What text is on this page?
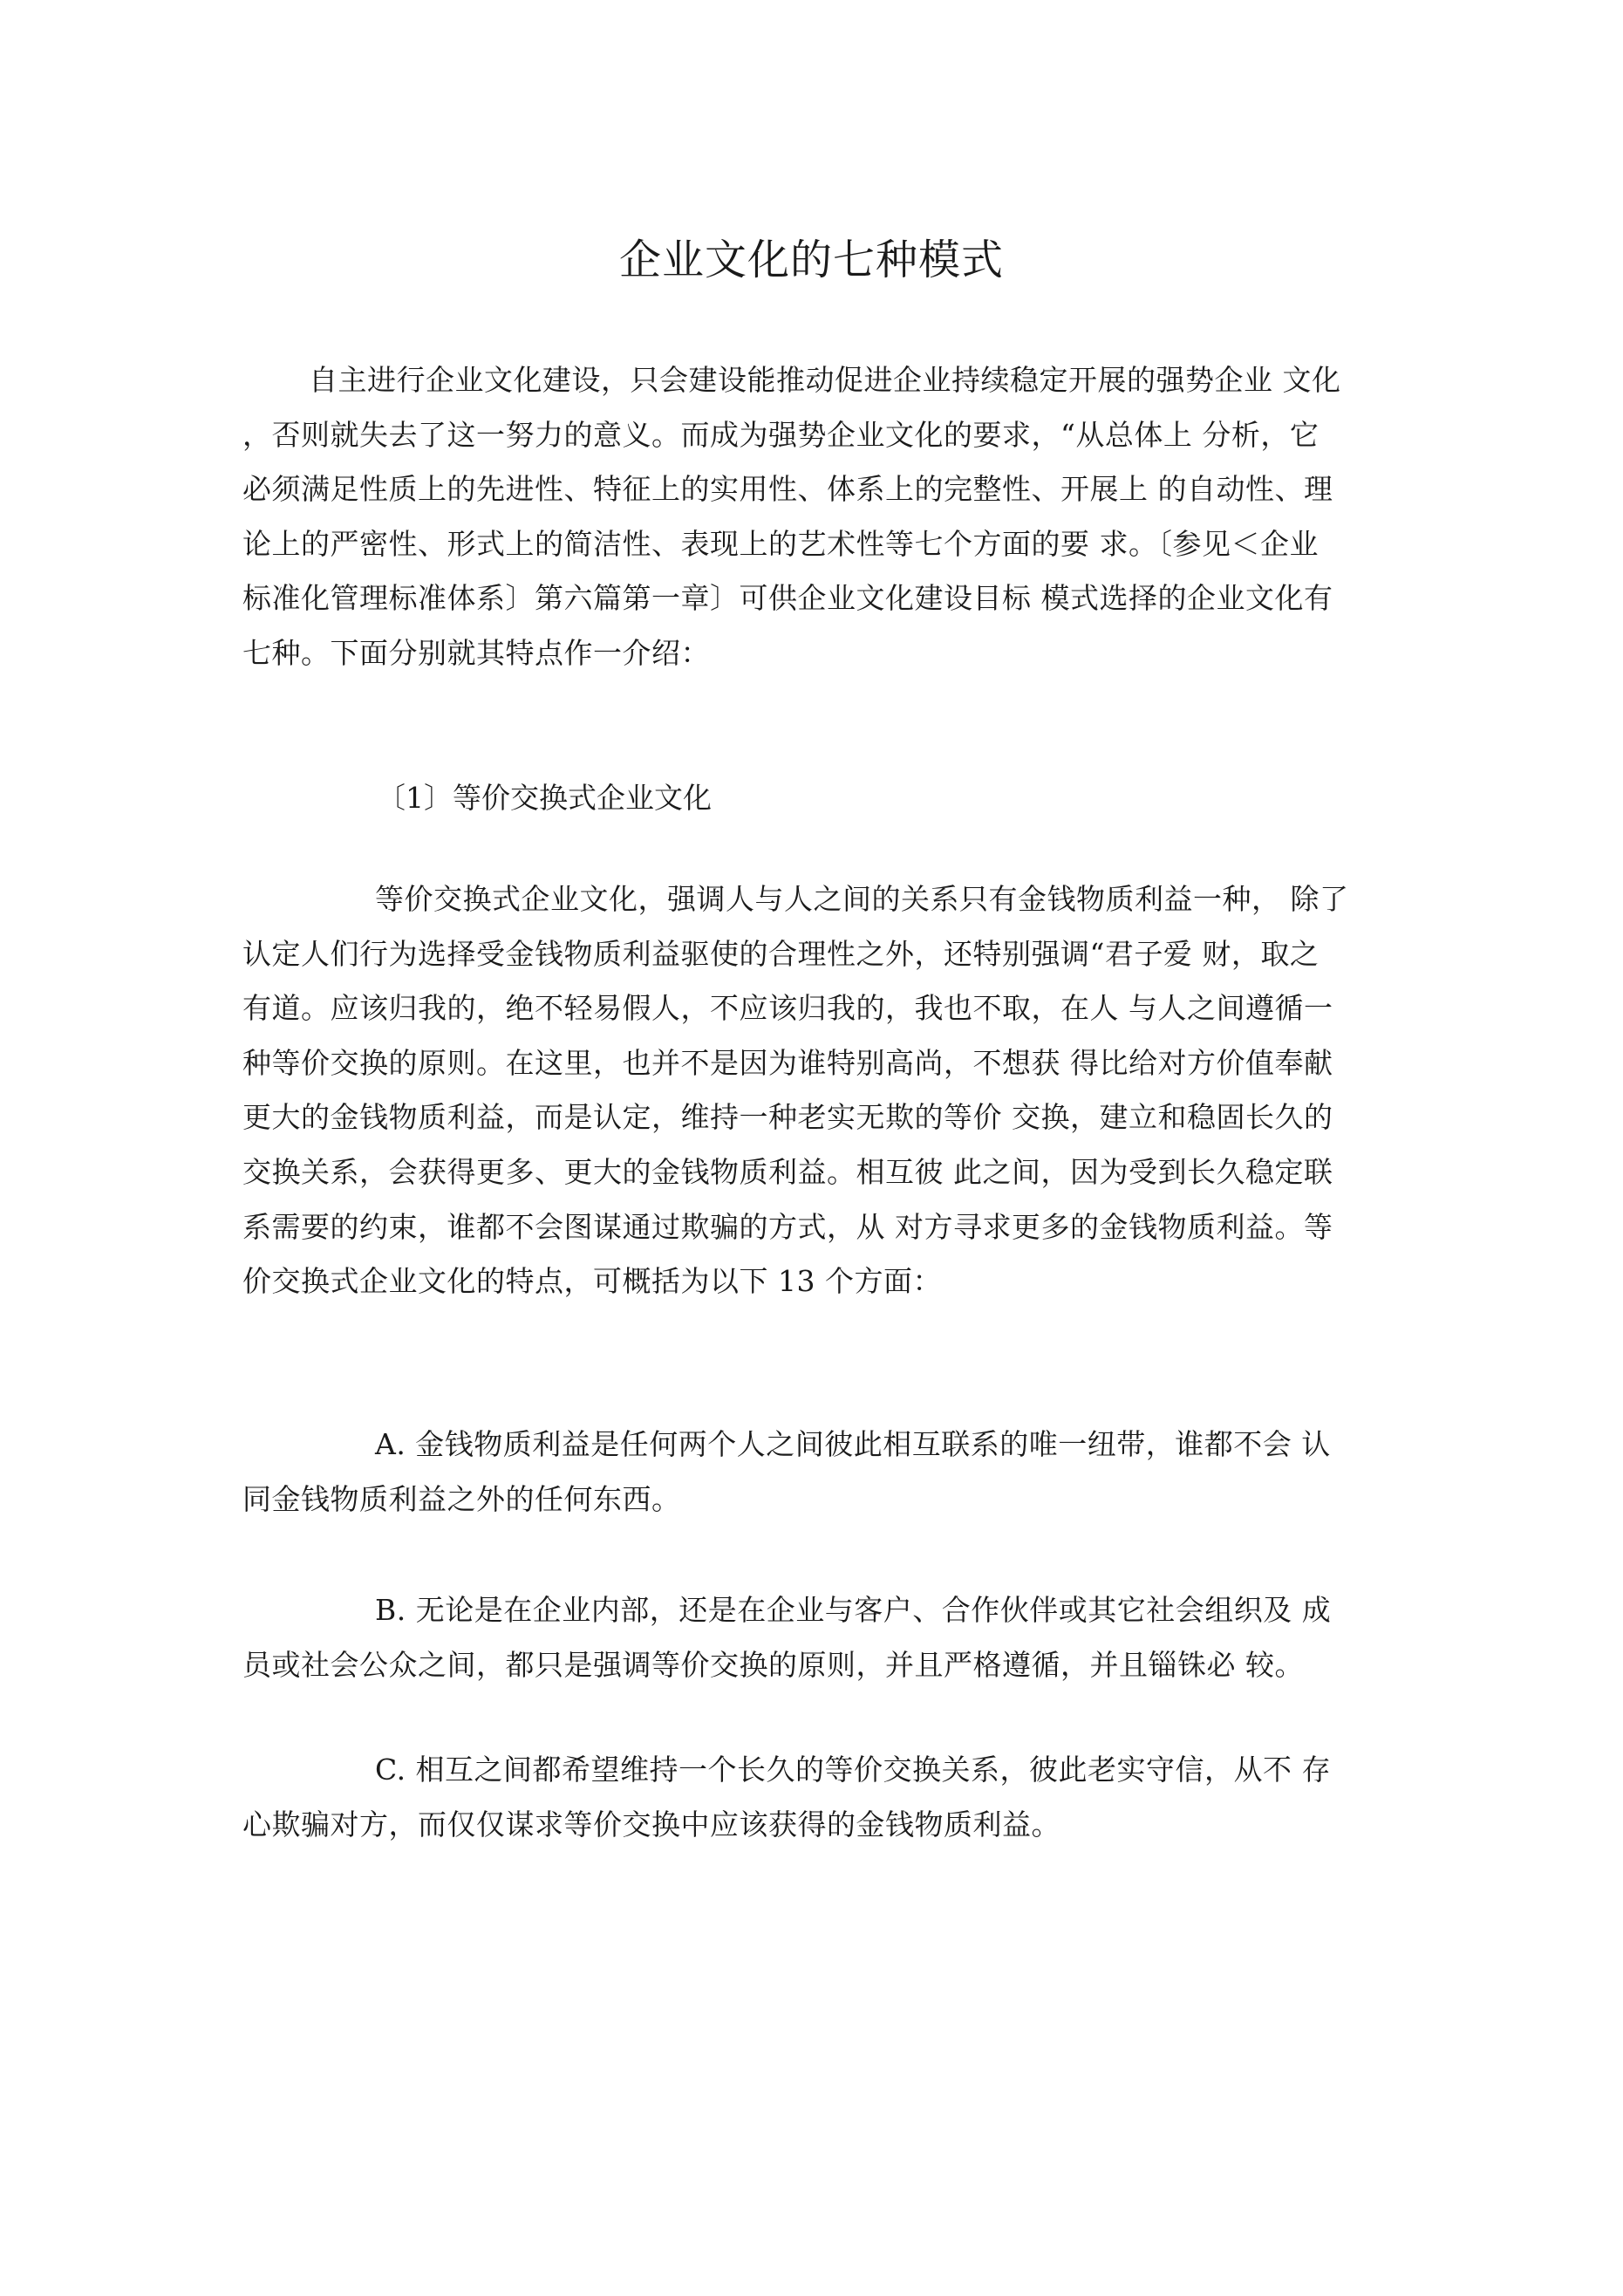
企业文化的七种模式

自主进行企业文化建设，只会建设能推动促进企业持续稳定开展的强势企业 文化
，否则就失去了这一努力的意义。而成为强势企业文化的要求，“从总体上 分析，它
必须满足性质上的先进性、特征上的实用性、体系上的完整性、开展上 的自动性、理
论上的严密性、形式上的简洁性、表现上的艺术性等七个方面的要 求。〔参见＜企业
标准化管理标准体系〕第六篇第一章〕可供企业文化建设目标 模式选择的企业文化有
七种。下面分别就其特点作一介绍：

〔1〕等价交换式企业文化

等价交换式企业文化，强调人与人之间的关系只有金钱物质利益一种， 除了
认定人们行为选择受金钱物质利益驱使的合理性之外，还特别强调“君子爱 财，取之
有道。应该归我的，绝不轻易假人，不应该归我的，我也不取，在人 与人之间遵循一
种等价交换的原则。在这里，也并不是因为谁特别高尚，不想获 得比给对方价值奉献
更大的金钱物质利益，而是认定，维持一种老实无欺的等价 交换，建立和稳固长久的
交换关系，会获得更多、更大的金钱物质利益。相互彼 此之间，因为受到长久稳定联
系需要的约束，谁都不会图谋通过欺骗的方式，从 对方寻求更多的金钱物质利益。等
价交换式企业文化的特点，可概括为以下 13 个方面：

A. 金钱物质利益是任何两个人之间彼此相互联系的唯一纽带，谁都不会 认
同金钱物质利益之外的任何东西。

B. 无论是在企业内部，还是在企业与客户、合作伙伴或其它社会组织及 成
员或社会公众之间，都只是强调等价交换的原则，并且严格遵循，并且锱铢必 较。

C. 相互之间都希望维持一个长久的等价交换关系，彼此老实守信，从不 存
心欺骗对方，而仅仅谋求等价交换中应该获得的金钱物质利益。
